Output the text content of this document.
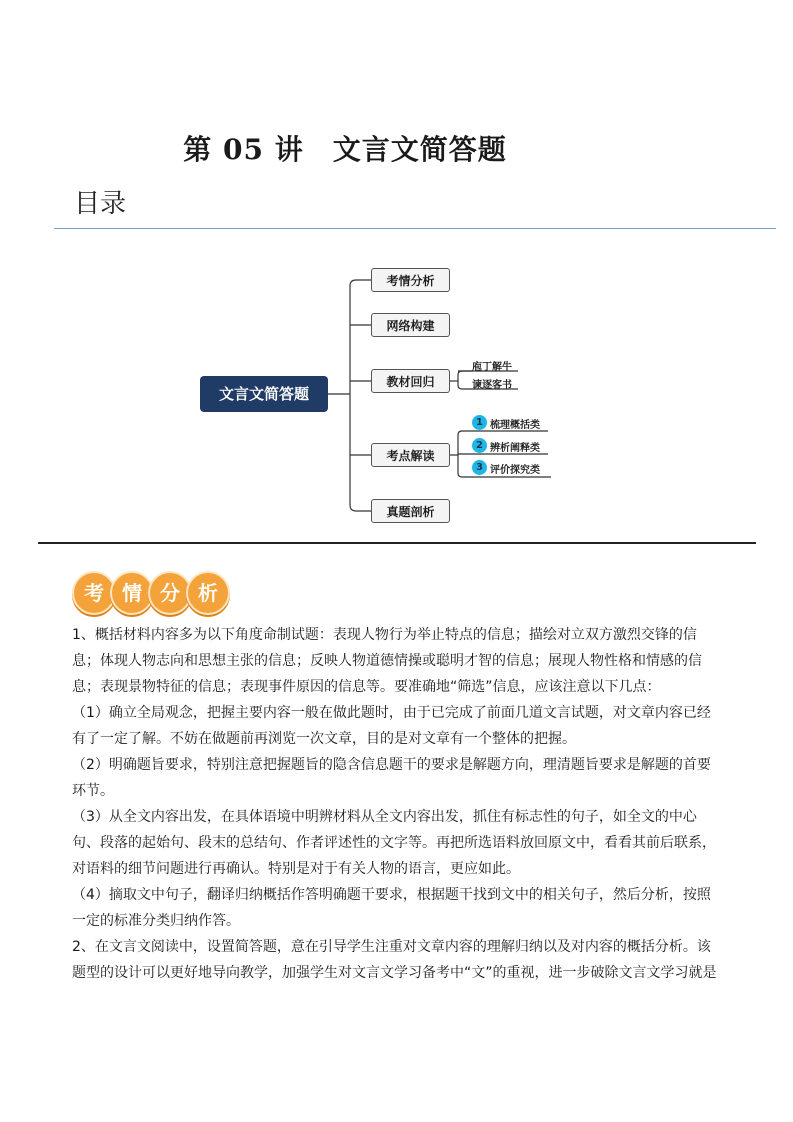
第 05 讲　文言文简答题
目录
文言文简答题
考情分析
网络构建
教材回归
考点解读
真题剖析
庖丁解牛
谏逐客书
1 梳理概括类
2 辨析阐释类
3 评价探究类
考 情 分 析

1、概括材料内容多为以下角度命制试题：表现人物行为举止特点的信息；描绘对立双方激烈交锋的信息；体现人物志向和思想主张的信息；反映人物道德情操或聪明才智的信息；展现人物性格和情感的信息；表现景物特征的信息；表现事件原因的信息等。要准确地“筛选”信息，应该注意以下几点：

（1）确立全局观念，把握主要内容一般在做此题时，由于已完成了前面几道文言试题，对文章内容已经有了一定了解。不妨在做题前再浏览一次文章，目的是对文章有一个整体的把握。

（2）明确题旨要求，特别注意把握题旨的隐含信息题干的要求是解题方向，理清题旨要求是解题的首要环节。

（3）从全文内容出发，在具体语境中明辨材料从全文内容出发，抓住有标志性的句子，如全文的中心句、段落的起始句、段末的总结句、作者评述性的文字等。再把所选语料放回原文中，看看其前后联系，对语料的细节问题进行再确认。特别是对于有关人物的语言，更应如此。

（4）摘取文中句子，翻译归纳概括作答明确题干要求，根据题干找到文中的相关句子，然后分析，按照一定的标准分类归纳作答。

2、在文言文阅读中，设置简答题，意在引导学生注重对文章内容的理解归纳以及对内容的概括分析。该题型的设计可以更好地导向教学，加强学生对文言文学习备考中“文”的重视，进一步破除文言文学习就是
